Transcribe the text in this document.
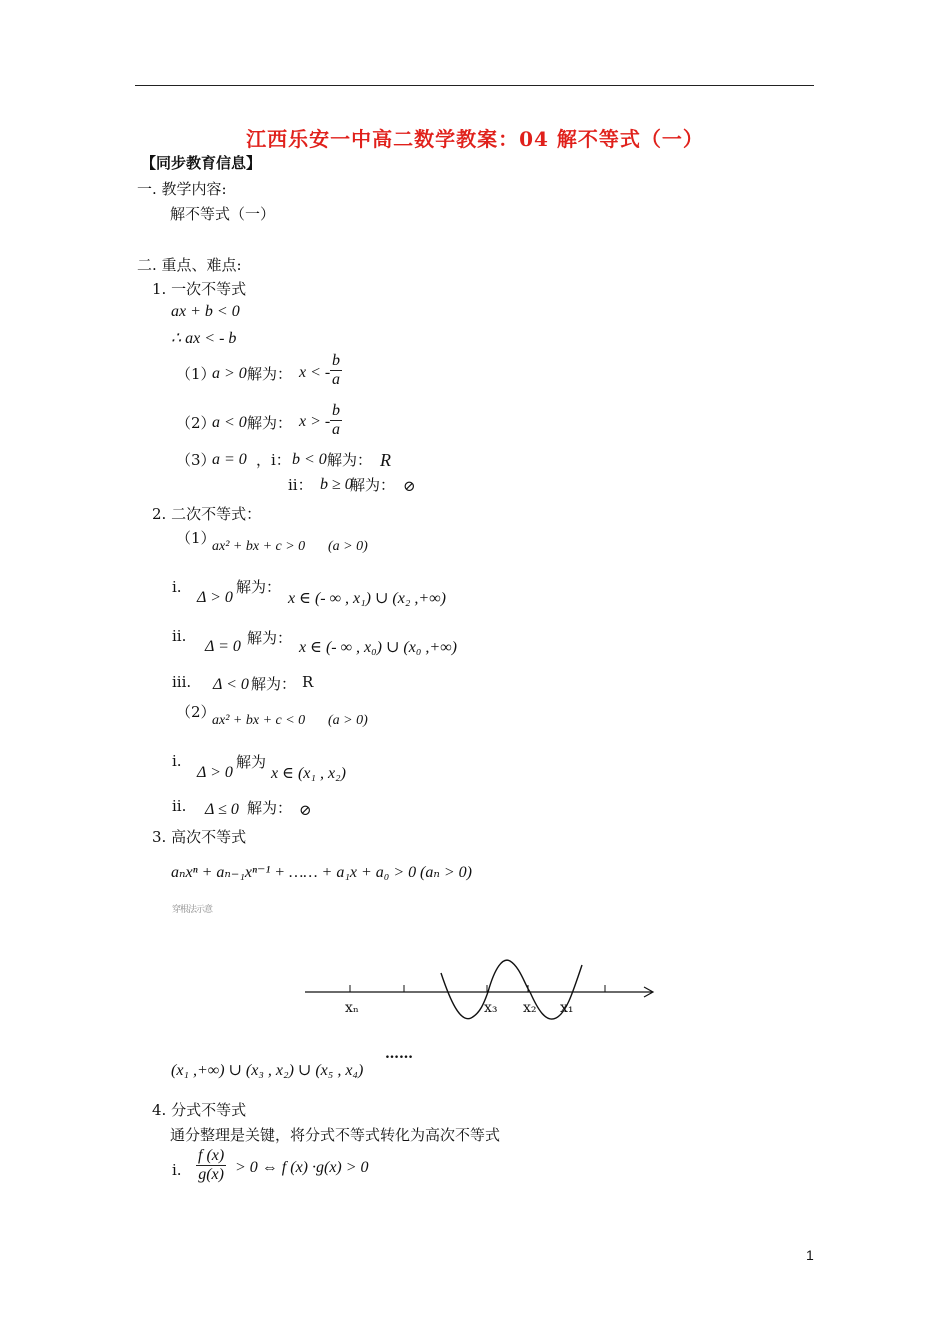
江西乐安一中高二数学教案：04 解不等式（一）
【同步教育信息】
一. 教学内容:
解不等式（一）
二. 重点、难点:
1. 一次不等式
ax + b < 0
∴ ax < - b
（1）
a > 0 解为： x < - $\frac{b}{a}$
（2）
a < 0 解为： x > - $\frac{b}{a}$
（3）
a = 0 ，i： b < 0 解为： R
ii： b ≥ 0
解为： ⊘
2. 二次不等式：
（1）
ax² + bx + c > 0 (a > 0)
i.
Δ > 0
解为：
x ∈ (- ∞ , x₁) ∪ (x₂ ,+∞)
ii.
Δ = 0 解为：
x ∈ (- ∞ , x₀) ∪ (x₀ ,+∞)
iii. Δ < 0 解为： R
（2）
ax² + bx + c < 0 (a > 0)
i.
Δ > 0
解为
x ∈ (x₁ , x₂)
ii. Δ ≤ 0 解为： ⊘
3. 高次不等式
aₙxⁿ + aₙ₋₁xⁿ⁻¹ + …… + a₁x + a₀ > 0 (aₙ > 0)
穿根法示意
xₙ	x₃ x₂ x₁
(x₁ ,+∞) ∪ (x₃ , x₂) ∪ (x₅ , x₄)
……
4. 分式不等式
通分整理是关键，将分式不等式转化为高次不等式
i. $\frac{f (x)}{g(x)} > 0$ ⇔ f (x) ·g(x) > 0
1
